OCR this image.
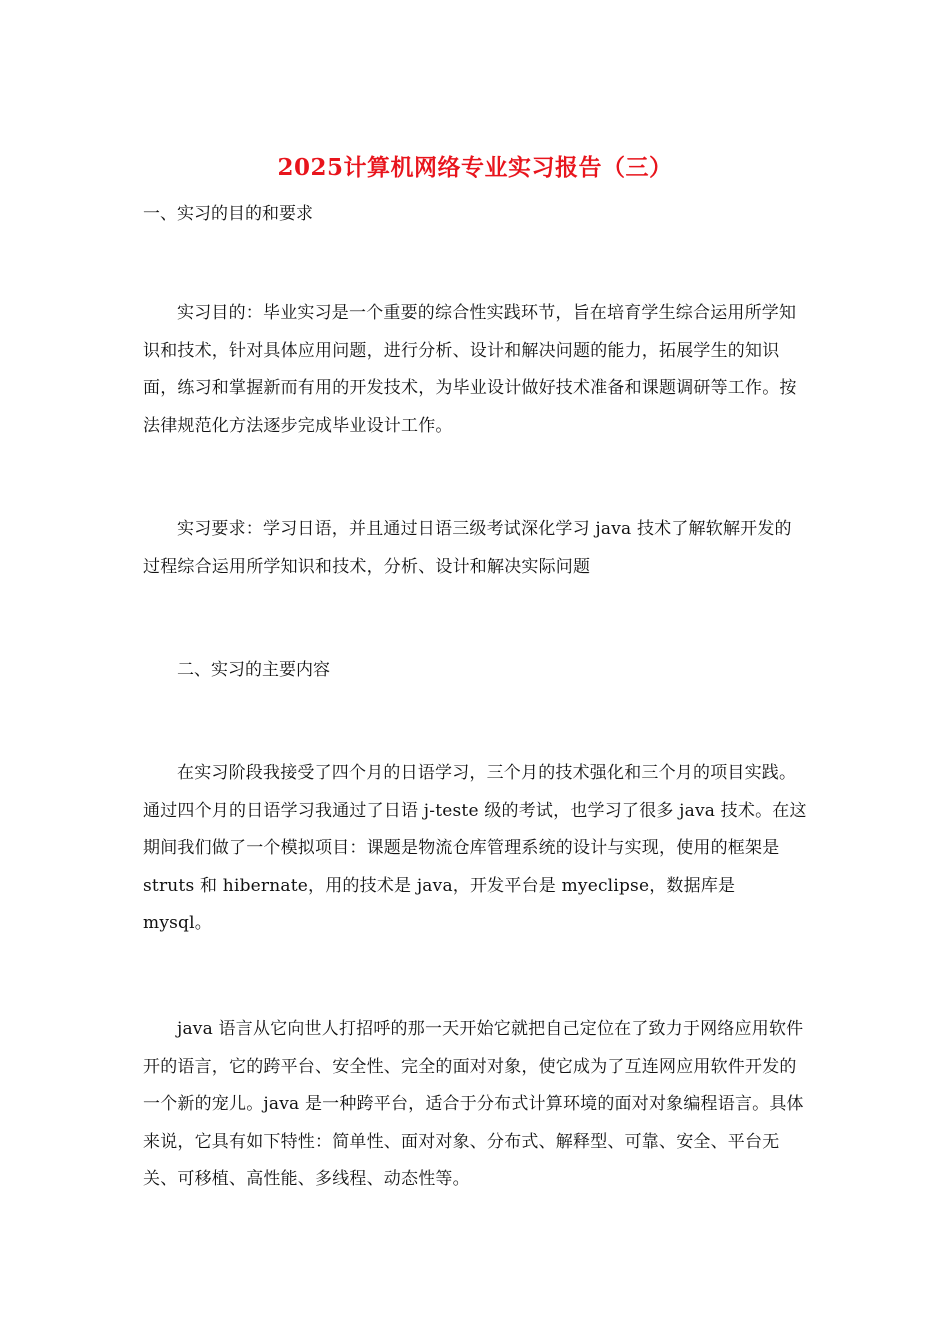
2025计算机网络专业实习报告（三）
一、实习的目的和要求

实习目的：毕业实习是一个重要的综合性实践环节，旨在培育学生综合运用所学知识和技术，针对具体应用问题，进行分析、设计和解决问题的能力，拓展学生的知识面，练习和掌握新而有用的开发技术，为毕业设计做好技术准备和课题调研等工作。按法律规范化方法逐步完成毕业设计工作。

实习要求：学习日语，并且通过日语三级考试深化学习 java 技术了解软解开发的过程综合运用所学知识和技术，分析、设计和解决实际问题

二、实习的主要内容

在实习阶段我接受了四个月的日语学习，三个月的技术强化和三个月的项目实践。通过四个月的日语学习我通过了日语 j-teste 级的考试，也学习了很多 java 技术。在这期间我们做了一个模拟项目：课题是物流仓库管理系统的设计与实现，使用的框架是 struts 和 hibernate，用的技术是 java，开发平台是 myeclipse，数据库是 mysql。

java 语言从它向世人打招呼的那一天开始它就把自己定位在了致力于网络应用软件开的语言，它的跨平台、安全性、完全的面对对象，使它成为了互连网应用软件开发的一个新的宠儿。java 是一种跨平台，适合于分布式计算环境的面对对象编程语言。具体来说，它具有如下特性：简单性、面对对象、分布式、解释型、可靠、安全、平台无关、可移植、高性能、多线程、动态性等。
